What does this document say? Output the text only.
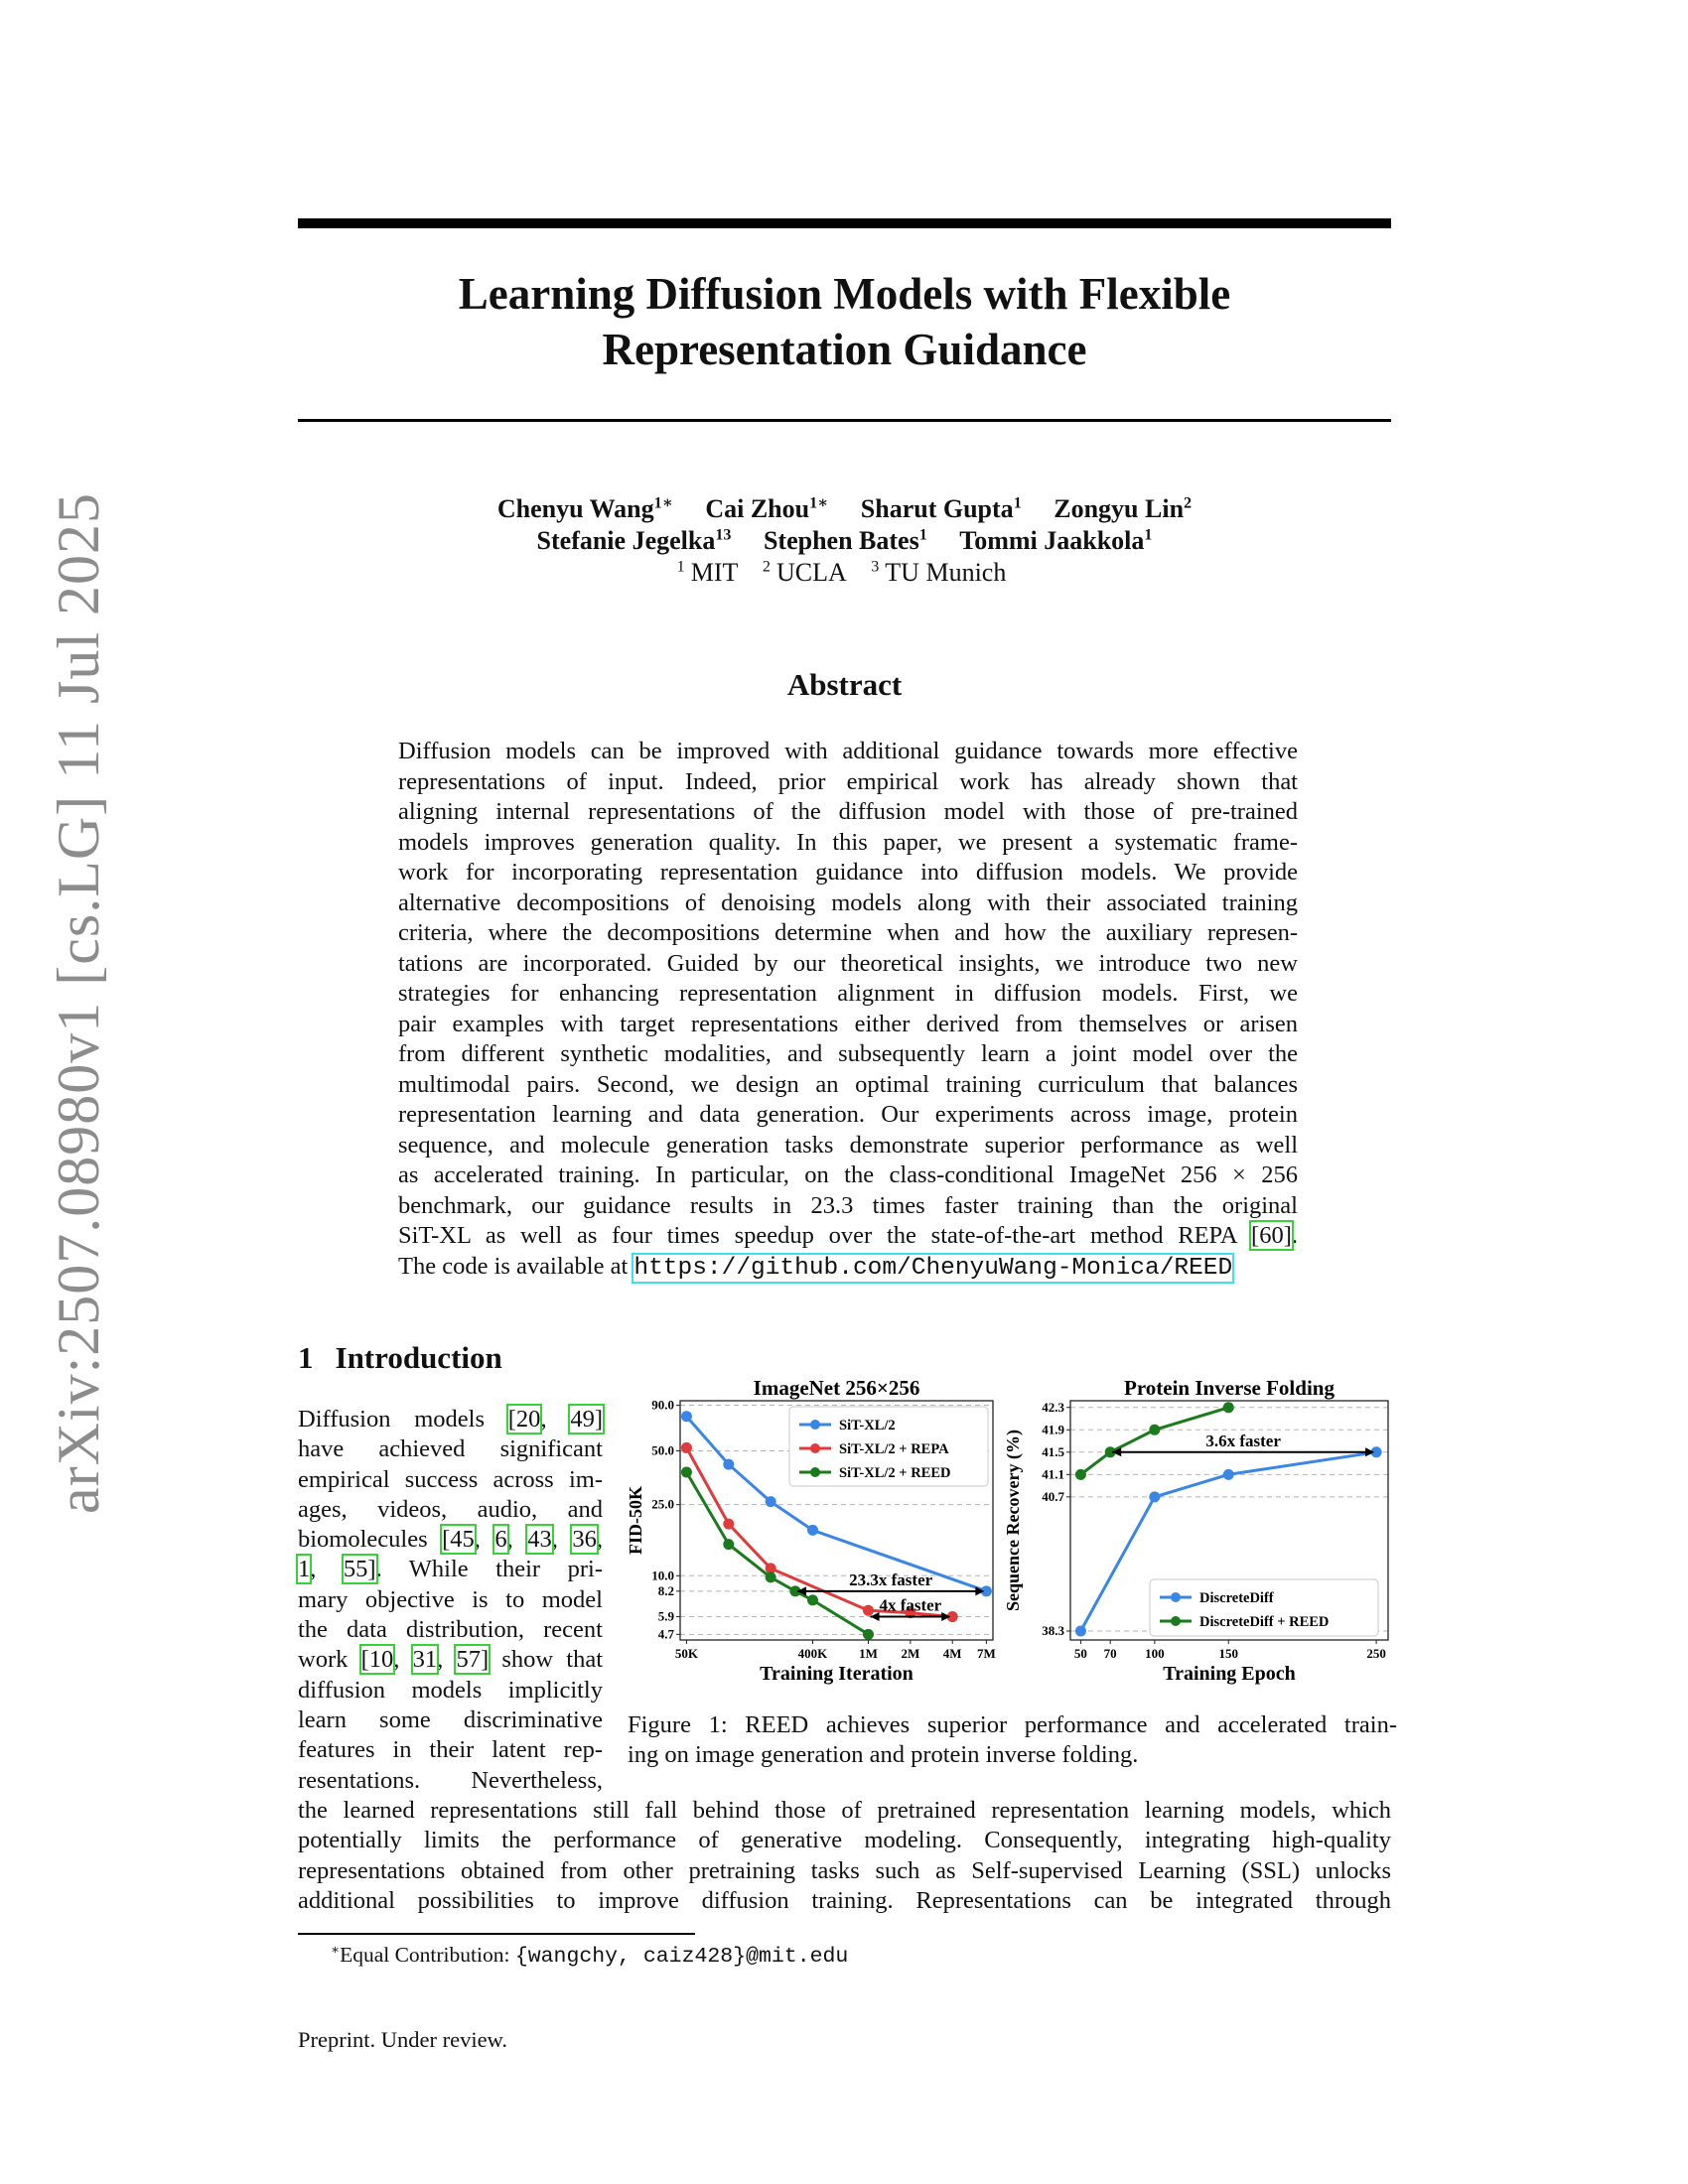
arXiv:2507.08980v1 [cs.LG] 11 Jul 2025
Learning Diffusion Models with Flexible
Representation Guidance
Chenyu Wang$^{1∗}$ Cai Zhou$^{1∗}$ Sharut Gupta$^1$ Zongyu Lin$^2$
Stefanie Jegelka$^{13}$ Stephen Bates$^1$ Tommi Jaakkola$^1$
$^1$ MIT $^2$ UCLA $^3$ TU Munich
Abstract
Diffusion models can be improved with additional guidance towards more effective
representations of input. Indeed, prior empirical work has already shown that
aligning internal representations of the diffusion model with those of pre-trained
models improves generation quality. In this paper, we present a systematic frame-
work for incorporating representation guidance into diffusion models. We provide
alternative decompositions of denoising models along with their associated training
criteria, where the decompositions determine when and how the auxiliary represen-
tations are incorporated. Guided by our theoretical insights, we introduce two new
strategies for enhancing representation alignment in diffusion models. First, we
pair examples with target representations either derived from themselves or arisen
from different synthetic modalities, and subsequently learn a joint model over the
multimodal pairs. Second, we design an optimal training curriculum that balances
representation learning and data generation. Our experiments across image, protein
sequence, and molecule generation tasks demonstrate superior performance as well
as accelerated training. In particular, on the class-conditional ImageNet 256 × 256
benchmark, our guidance results in 23.3 times faster training than the original
SiT-XL as well as four times speedup over the state-of-the-art method REPA [60].
The code is available at https://github.com/ChenyuWang-Monica/REED
1 Introduction
Diffusion models [20, 49]
have achieved significant
empirical success across im-
ages, videos, audio, and
biomolecules [45, 6, 43, 36,
1, 55]. While their pri-
mary objective is to model
the data distribution, recent
work [10, 31, 57] show that
diffusion models implicitly
learn some discriminative
features in their latent rep-
resentations. Nevertheless,
90.0
50.0
25.0
10.0
8.2
5.9
4.7
50K	400K 1M 2M 4M 7M
ImageNet 256×256
Training Iteration
FID-50K
23.3x faster
4x faster
SiT-XL/2
SiT-XL/2 + REPA
SiT-XL/2 + REED
42.3
41.9
41.5
41.1
40.7
38.3
50 70 100	150	250
Protein Inverse Folding
Training Epoch
Sequence Recovery (%)	3.6x faster
DiscreteDiff
DiscreteDiff + REED
Figure 1: REED achieves superior performance and accelerated train-
ing on image generation and protein inverse folding.
the learned representations still fall behind those of pretrained representation learning models, which
potentially limits the performance of generative modeling. Consequently, integrating high-quality
representations obtained from other pretraining tasks such as Self-supervised Learning (SSL) unlocks
additional possibilities to improve diffusion training. Representations can be integrated through
∗Equal Contribution: {wangchy, caiz428}@mit.edu
Preprint. Under review.
